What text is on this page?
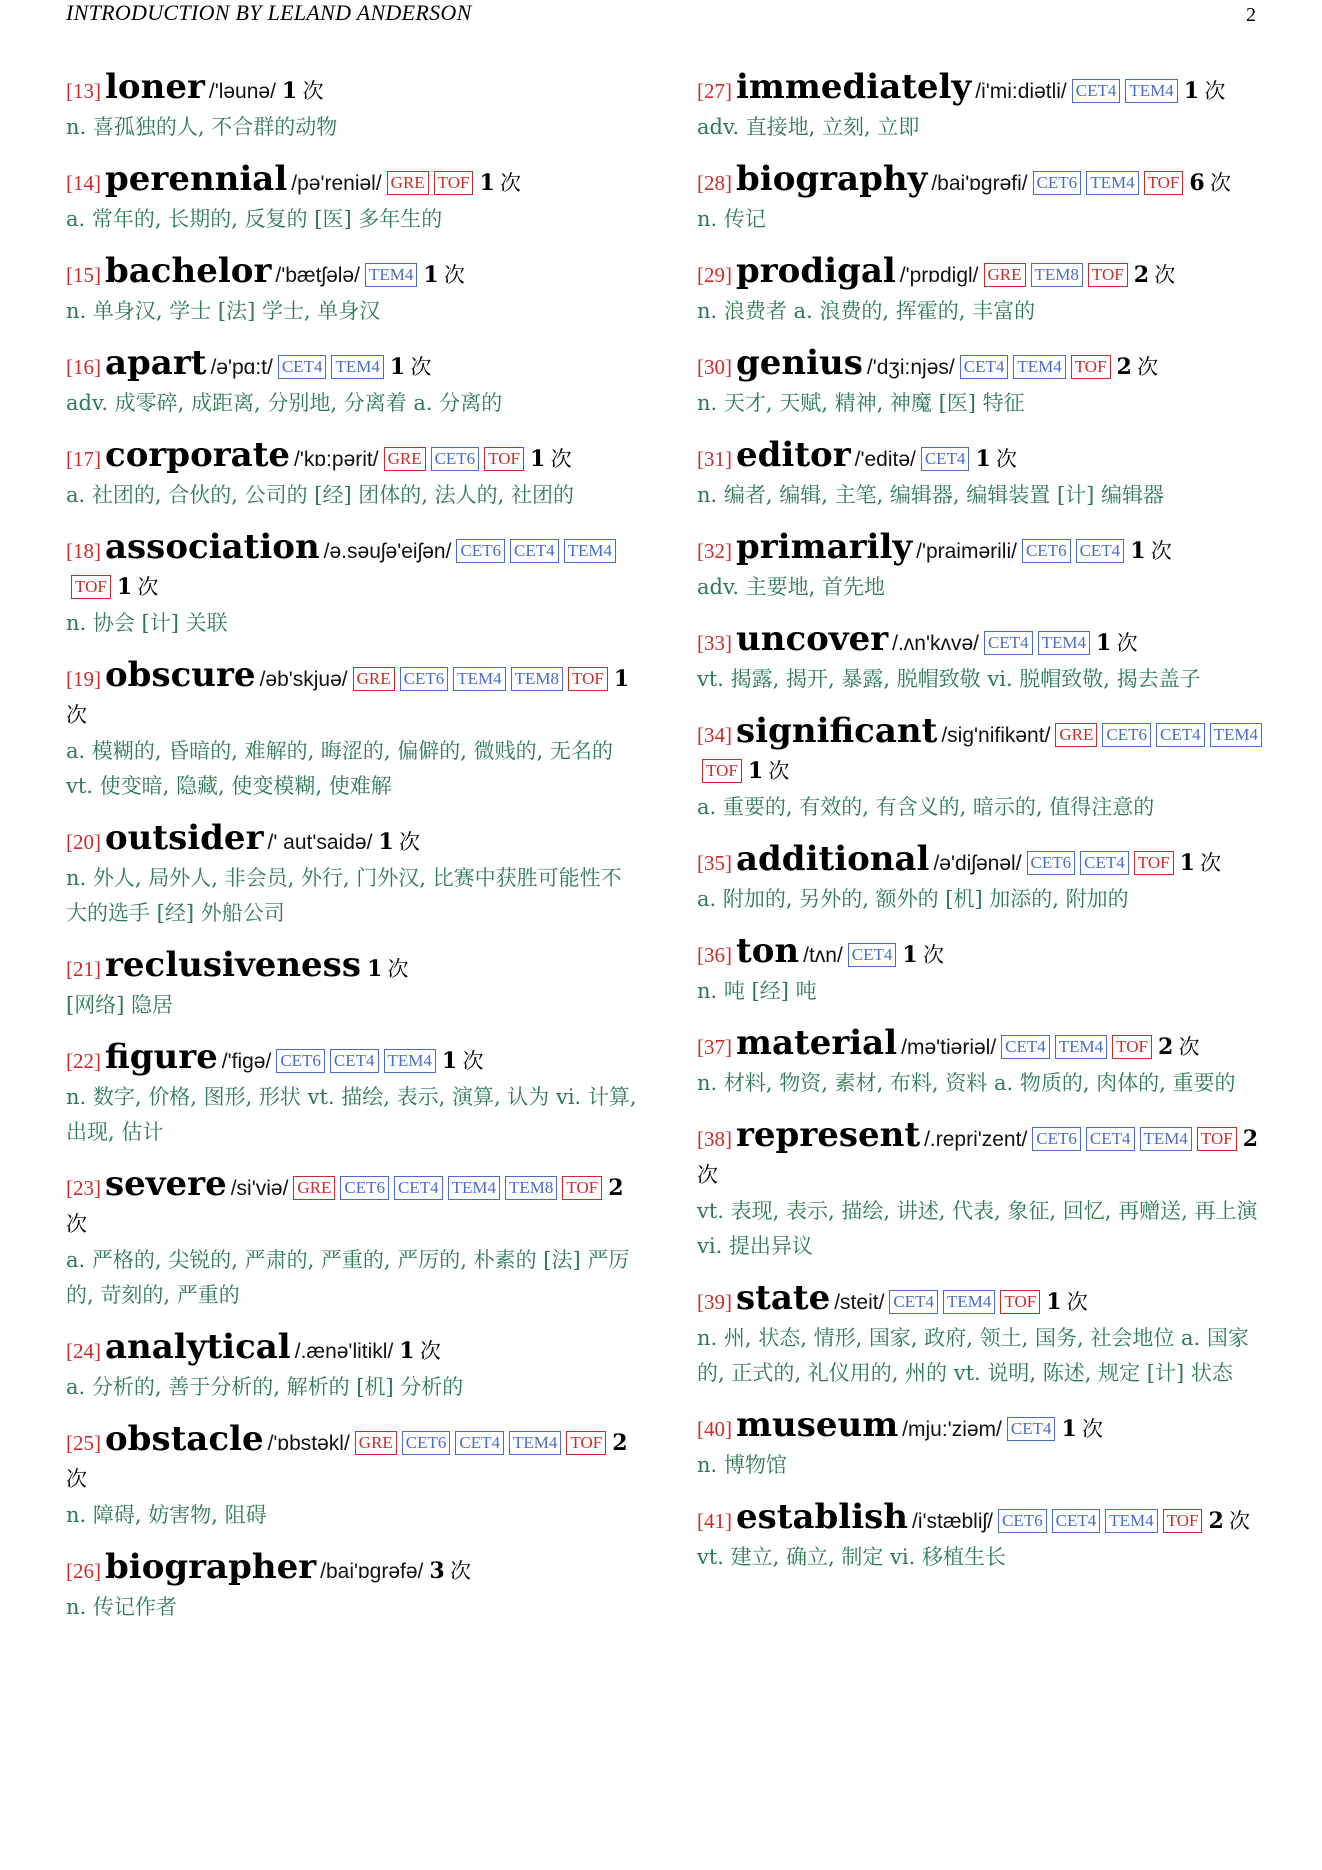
INTRODUCTION BY LELAND ANDERSON	2
[13] loner /'ləunə/ 1 次
n. 喜孤独的人, 不合群的动物
[14] perennial /pə'reniəl/ GRE TOF 1 次
a. 常年的, 长期的, 反复的 [医] 多年生的
[15] bachelor /'bætʃələ/ TEM4 1 次
n. 单身汉, 学士 [法] 学士, 单身汉
[16] apart /ə'pɑ:t/ CET4 TEM4 1 次
adv. 成零碎, 成距离, 分别地, 分离着 a. 分离的
[17] corporate /'kɒ:pərit/ GRE CET6 TOF 1 次
a. 社团的, 合伙的, 公司的 [经] 团体的, 法人的, 社团的
[18] association /ə.səuʃə'eiʃən/ CET6 CET4 TEM4TOF 1 次
n. 协会 [计] 关联
[19] obscure /əb'skjuə/ GRE CET6 TEM4 TEM8 TOF 1 次
a. 模糊的, 昏暗的, 难解的, 晦涩的, 偏僻的, 微贱的, 无名的 vt. 使变暗, 隐藏, 使变模糊, 使难解
[20] outsider /' aut'saidə/ 1 次
n. 外人, 局外人, 非会员, 外行, 门外汉, 比赛中获胜可能性不大的选手 [经] 外船公司
[21] reclusiveness 1 次
[网络] 隐居
[22] figure /'figə/ CET6 CET4 TEM4 1 次
n. 数字, 价格, 图形, 形状 vt. 描绘, 表示, 演算, 认为 vi. 计算, 出现, 估计
[23] severe /si'viə/ GRE CET6 CET4 TEM4 TEM8 TOF 2 次
a. 严格的, 尖锐的, 严肃的, 严重的, 严厉的, 朴素的 [法] 严厉的, 苛刻的, 严重的
[24] analytical /.ænə'litikl/ 1 次
a. 分析的, 善于分析的, 解析的 [机] 分析的
[25] obstacle /'ɒbstəkl/ GRE CET6 CET4 TEM4 TOF 2 次
n. 障碍, 妨害物, 阻碍
[26] biographer /bai'ɒgrəfə/ 3 次
n. 传记作者
[27] immediately /i'mi:diətli/ CET4 TEM4 1 次
adv. 直接地, 立刻, 立即
[28] biography /bai'ɒgrəfi/ CET6 TEM4 TOF 6 次
n. 传记
[29] prodigal /'prɒdigl/ GRE TEM8 TOF 2 次
n. 浪费者 a. 浪费的, 挥霍的, 丰富的
[30] genius /'dʒi:njəs/ CET4 TEM4 TOF 2 次
n. 天才, 天赋, 精神, 神魔 [医] 特征
[31] editor /'editə/ CET4 1 次
n. 编者, 编辑, 主笔, 编辑器, 编辑装置 [计] 编辑器
[32] primarily /'praimərili/ CET6 CET4 1 次
adv. 主要地, 首先地
[33] uncover /.ʌn'kʌvə/ CET4 TEM4 1 次
vt. 揭露, 揭开, 暴露, 脱帽致敬 vi. 脱帽致敬, 揭去盖子
[34] significant /sig'nifikənt/ GRE CET6 CET4 TEM4TOF 1 次
a. 重要的, 有效的, 有含义的, 暗示的, 值得注意的
[35] additional /ə'diʃənəl/ CET6 CET4 TOF 1 次
a. 附加的, 另外的, 额外的 [机] 加添的, 附加的
[36] ton /tʌn/ CET4 1 次
n. 吨 [经] 吨
[37] material /mə'tiəriəl/ CET4 TEM4 TOF 2 次
n. 材料, 物资, 素材, 布料, 资料 a. 物质的, 肉体的, 重要的
[38] represent /.repri'zent/ CET6 CET4 TEM4 TOF 2 次
vt. 表现, 表示, 描绘, 讲述, 代表, 象征, 回忆, 再赠送, 再上演 vi. 提出异议
[39] state /steit/ CET4 TEM4 TOF 1 次
n. 州, 状态, 情形, 国家, 政府, 领土, 国务, 社会地位 a. 国家的, 正式的, 礼仪用的, 州的 vt. 说明, 陈述, 规定 [计] 状态
[40] museum /mju:'ziəm/ CET4 1 次
n. 博物馆
[41] establish /i'stæbliʃ/ CET6 CET4 TEM4 TOF 2 次
vt. 建立, 确立, 制定 vi. 移植生长
